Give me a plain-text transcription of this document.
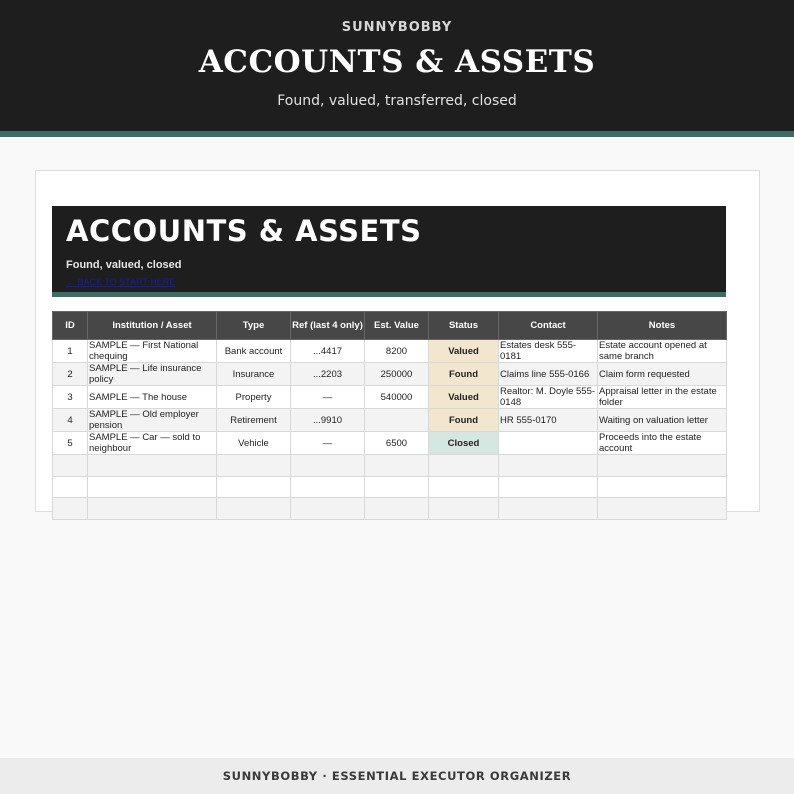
SUNNYBOBBY
ACCOUNTS & ASSETS
Found, valued, transferred, closed
ACCOUNTS & ASSETS
Found, valued, closed
← BACK TO START HERE
ID	Institution / Asset	Type	Ref (last 4 only)	Est. Value	Status	Contact	Notes
1	SAMPLE — First National chequing	Bank account	...4417	8200	Valued	Estates desk 555-0181	Estate account opened at same branch
2	SAMPLE — Life insurance policy	Insurance	...2203	250000	Found	Claims line 555-0166	Claim form requested
3	SAMPLE — The house	Property	—	540000	Valued	Realtor: M. Doyle 555-0148	Appraisal letter in the estate folder
4	SAMPLE — Old employer pension	Retirement	...9910		Found	HR 555-0170	Waiting on valuation letter
5	SAMPLE — Car — sold to neighbour	Vehicle	—	6500	Closed		Proceeds into the estate account

SUNNYBOBBY · ESSENTIAL EXECUTOR ORGANIZER
